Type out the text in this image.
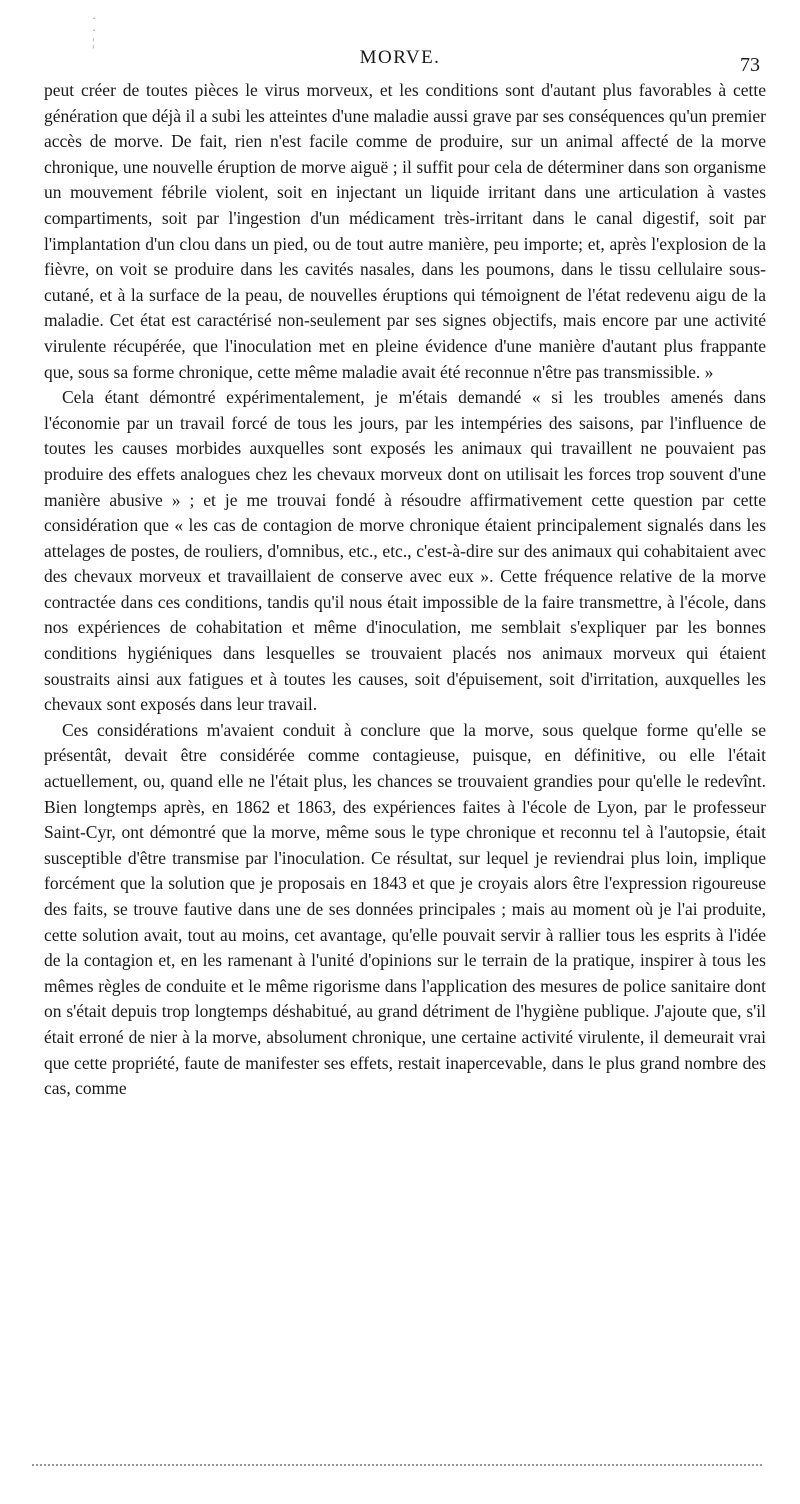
·
·
¦
MORVE.	73

peut créer de toutes pièces le virus morveux, et les conditions sont d'autant plus favorables à cette génération que déjà il a subi les atteintes d'une maladie aussi grave par ses conséquences qu'un premier accès de morve. De fait, rien n'est facile comme de produire, sur un animal affecté de la morve chronique, une nouvelle éruption de morve aiguë ; il suffit pour cela de déterminer dans son organisme un mouvement fébrile violent, soit en injectant un liquide irritant dans une articulation à vastes compartiments, soit par l'ingestion d'un médicament très-irritant dans le canal digestif, soit par l'implantation d'un clou dans un pied, ou de tout autre manière, peu importe; et, après l'explosion de la fièvre, on voit se produire dans les cavités nasales, dans les poumons, dans le tissu cellulaire sous-cutané, et à la surface de la peau, de nouvelles éruptions qui témoignent de l'état redevenu aigu de la maladie. Cet état est caractérisé non-seulement par ses signes objectifs, mais encore par une activité virulente récupérée, que l'inoculation met en pleine évidence d'une manière d'autant plus frappante que, sous sa forme chronique, cette même maladie avait été reconnue n'être pas transmissible. »

Cela étant démontré expérimentalement, je m'étais demandé « si les troubles amenés dans l'économie par un travail forcé de tous les jours, par les intempéries des saisons, par l'influence de toutes les causes morbides auxquelles sont exposés les animaux qui travaillent ne pouvaient pas produire des effets analogues chez les chevaux morveux dont on utilisait les forces trop souvent d'une manière abusive » ; et je me trouvai fondé à résoudre affirmativement cette question par cette considération que « les cas de contagion de morve chronique étaient principalement signalés dans les attelages de postes, de rouliers, d'omnibus, etc., etc., c'est-à-dire sur des animaux qui cohabitaient avec des chevaux morveux et travaillaient de conserve avec eux ». Cette fréquence relative de la morve contractée dans ces conditions, tandis qu'il nous était impossible de la faire transmettre, à l'école, dans nos expériences de cohabitation et même d'inoculation, me semblait s'expliquer par les bonnes conditions hygiéniques dans lesquelles se trouvaient placés nos animaux morveux qui étaient soustraits ainsi aux fatigues et à toutes les causes, soit d'épuisement, soit d'irritation, auxquelles les chevaux sont exposés dans leur travail.

Ces considérations m'avaient conduit à conclure que la morve, sous quelque forme qu'elle se présentât, devait être considérée comme contagieuse, puisque, en définitive, ou elle l'était actuellement, ou, quand elle ne l'était plus, les chances se trouvaient grandies pour qu'elle le redevînt. Bien longtemps après, en 1862 et 1863, des expériences faites à l'école de Lyon, par le professeur Saint-Cyr, ont démontré que la morve, même sous le type chronique et reconnu tel à l'autopsie, était susceptible d'être transmise par l'inoculation. Ce résultat, sur lequel je reviendrai plus loin, implique forcément que la solution que je proposais en 1843 et que je croyais alors être l'expression rigoureuse des faits, se trouve fautive dans une de ses données principales ; mais au moment où je l'ai produite, cette solution avait, tout au moins, cet avantage, qu'elle pouvait servir à rallier tous les esprits à l'idée de la contagion et, en les ramenant à l'unité d'opinions sur le terrain de la pratique, inspirer à tous les mêmes règles de conduite et le même rigorisme dans l'application des mesures de police sanitaire dont on s'était depuis trop longtemps déshabitué, au grand détriment de l'hygiène publique. J'ajoute que, s'il était erroné de nier à la morve, absolument chronique, une certaine activité virulente, il demeurait vrai que cette propriété, faute de manifester ses effets, restait inapercevable, dans le plus grand nombre des cas, comme
